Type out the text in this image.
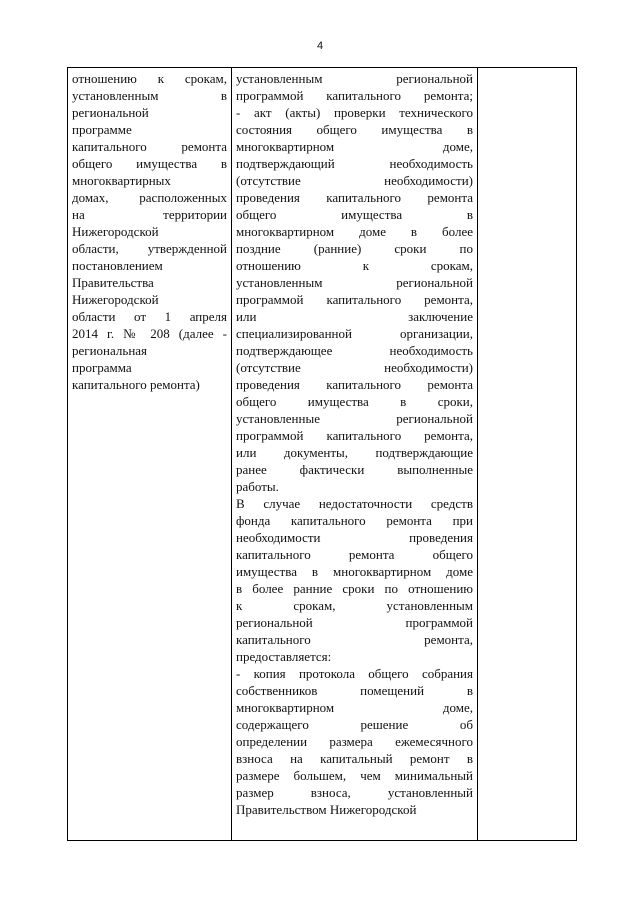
4
отношению к срокам,
установленным в
региональной
программе
капитального ремонта
общего имущества в
многоквартирных
домах, расположенных
на территории
Нижегородской
области, утвержденной
постановлением
Правительства
Нижегородской
области от 1 апреля
2014 г. № 208 (далее -
региональная
программа
капитального ремонта)
установленным региональной
программой капитального ремонта;
- акт (акты) проверки технического
состояния общего имущества в
многоквартирном доме,
подтверждающий необходимость
(отсутствие необходимости)
проведения капитального ремонта
общего имущества в
многоквартирном доме в более
поздние (ранние) сроки по
отношению к срокам,
установленным региональной
программой капитального ремонта,
или заключение
специализированной организации,
подтверждающее необходимость
(отсутствие необходимости)
проведения капитального ремонта
общего имущества в сроки,
установленные региональной
программой капитального ремонта,
или документы, подтверждающие
ранее фактически выполненные
работы.
В случае недостаточности средств
фонда капитального ремонта при
необходимости проведения
капитального ремонта общего
имущества в многоквартирном доме
в более ранние сроки по отношению
к срокам, установленным
региональной программой
капитального ремонта,
предоставляется:
- копия протокола общего собрания
собственников помещений в
многоквартирном доме,
содержащего решение об
определении размера ежемесячного
взноса на капитальный ремонт в
размере большем, чем минимальный
размер взноса, установленный
Правительством Нижегородской
